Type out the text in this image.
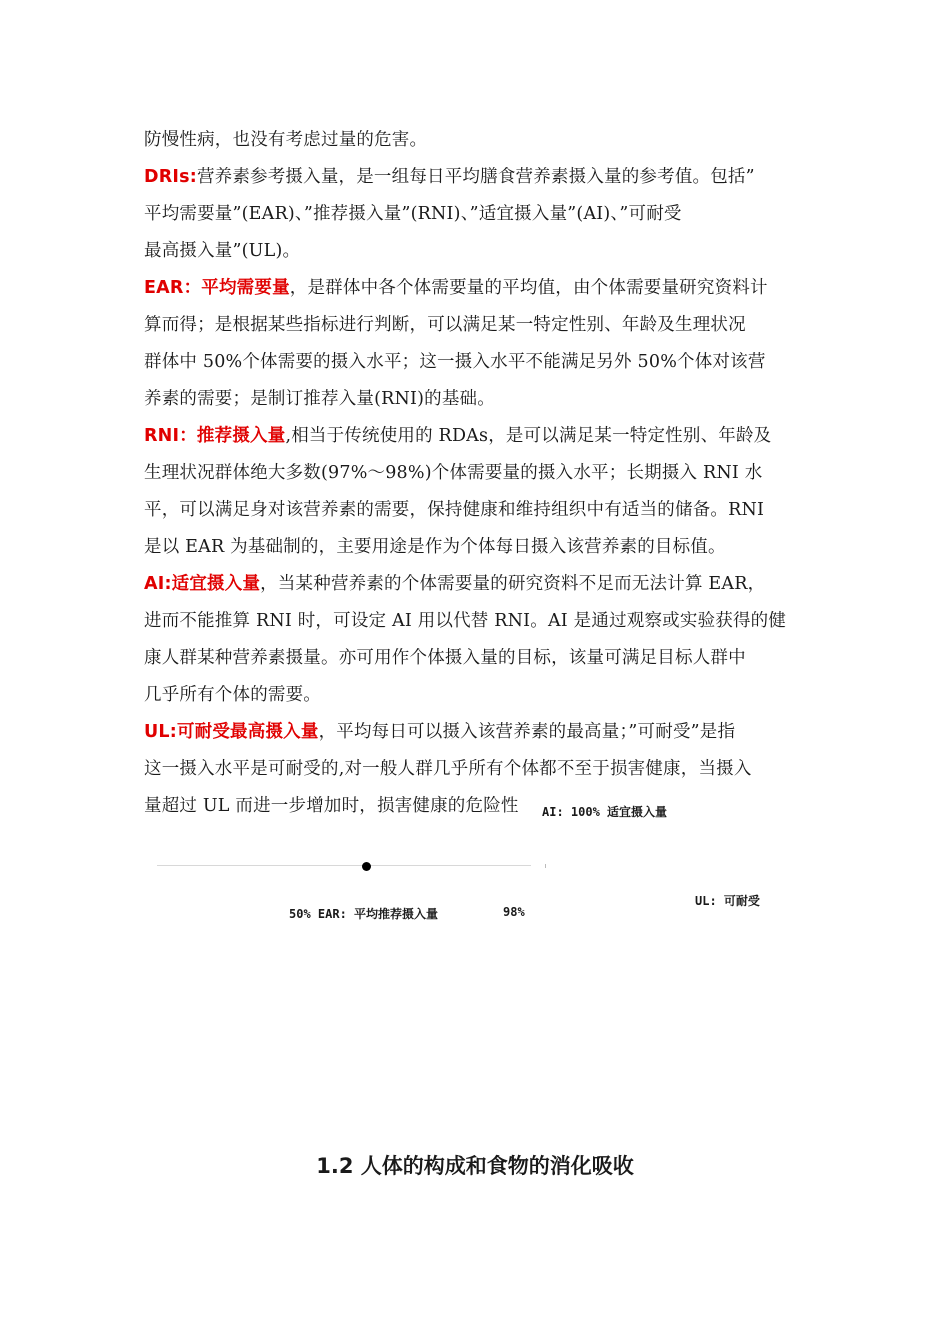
防慢性病，也没有考虑过量的危害。
DRIs:营养素参考摄入量，是一组每日平均膳食营养素摄入量的参考值。包括”
平均需要量”(EAR)、”推荐摄入量”(RNI)、”适宜摄入量”(AI)、”可耐受
最高摄入量”(UL)。
EAR：平均需要量，是群体中各个体需要量的平均值，由个体需要量研究资料计
算而得；是根据某些指标进行判断，可以满足某一特定性别、年龄及生理状况
群体中 50%个体需要的摄入水平；这一摄入水平不能满足另外 50%个体对该营
养素的需要；是制订推荐入量(RNI)的基础。
RNI：推荐摄入量,相当于传统使用的 RDAs，是可以满足某一特定性别、年龄及
生理状况群体绝大多数(97%～98%)个体需要量的摄入水平；长期摄入 RNI 水
平，可以满足身对该营养素的需要，保持健康和维持组织中有适当的储备。RNI
是以 EAR 为基础制的，主要用途是作为个体每日摄入该营养素的目标值。
AI:适宜摄入量，当某种营养素的个体需要量的研究资料不足而无法计算 EAR，
进而不能推算 RNI 时，可设定 AI 用以代替 RNI。AI 是通过观察或实验获得的健
康人群某种营养素摄量。亦可用作个体摄入量的目标，该量可满足目标人群中
几乎所有个体的需要。
UL:可耐受最高摄入量，平均每日可以摄入该营养素的最高量；”可耐受”是指
这一摄入水平是可耐受的,对一般人群几乎所有个体都不至于损害健康，当摄入
量超过 UL 而进一步增加时，损害健康的危险性 AI: 100% 适宜摄入量
50% EAR: 平均推荐摄入量	98%
UL: 可耐受
1.2 人体的构成和食物的消化吸收
